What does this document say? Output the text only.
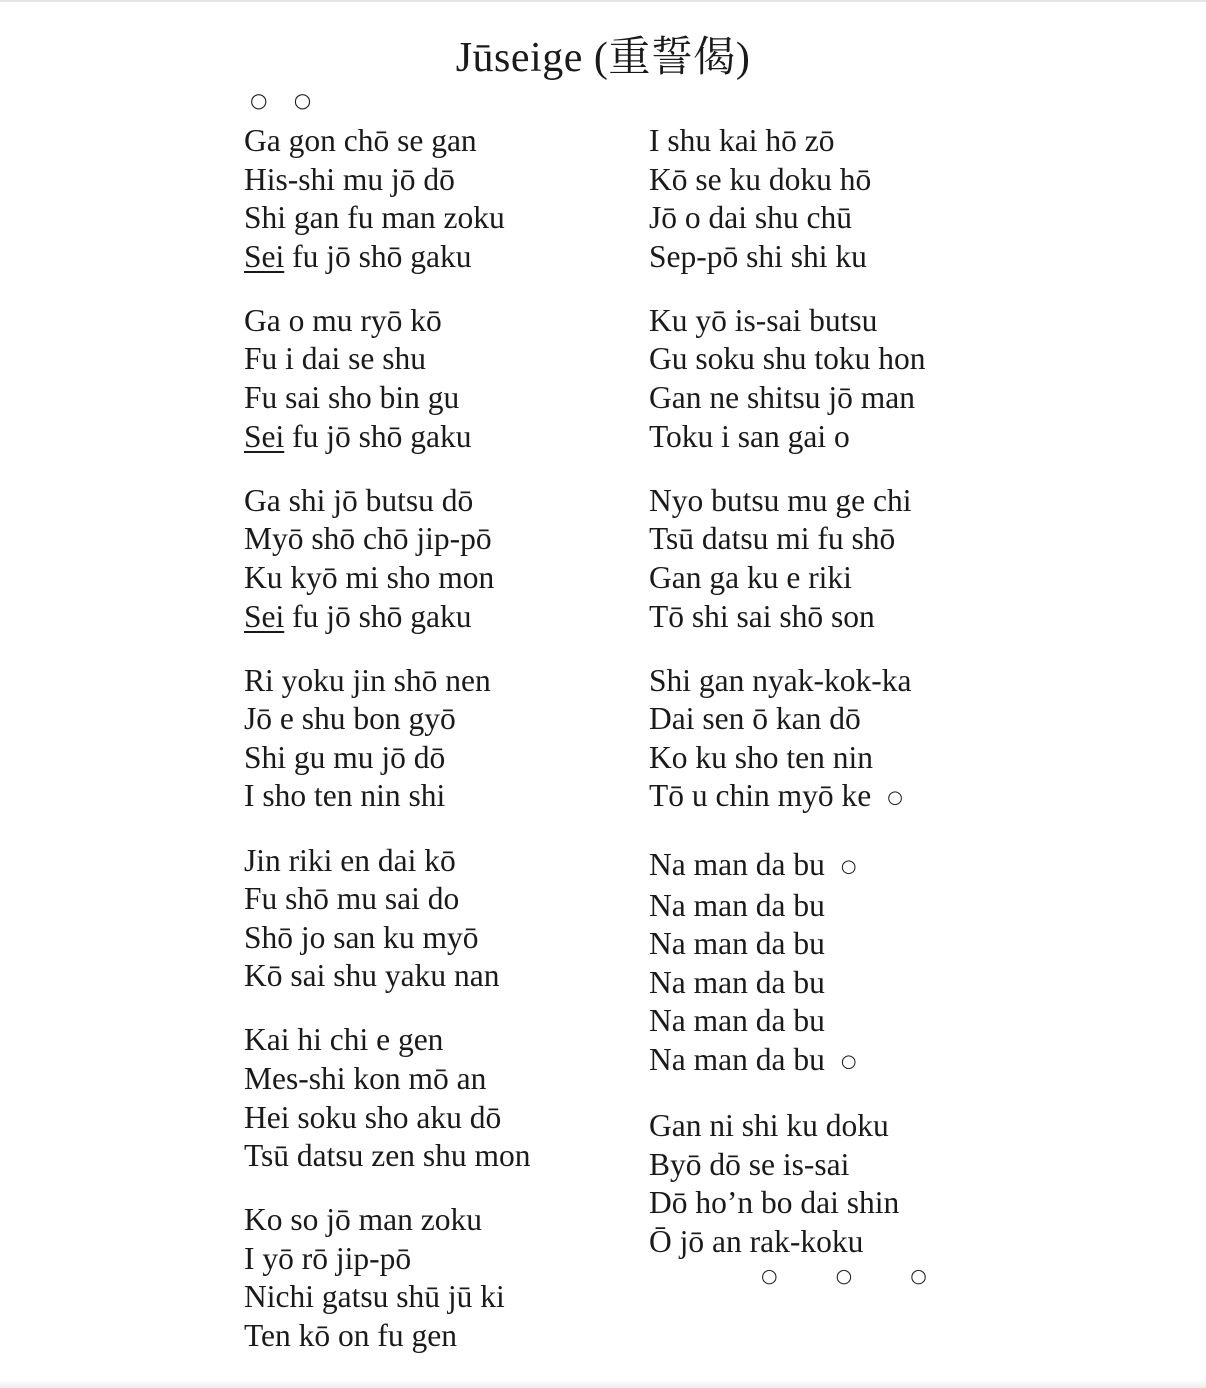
Jūseige (重誓偈)
○ ○
Ga gon chō se gan
His-shi mu jō dō
Shi gan fu man zoku
Sei fu jō shō gaku
Ga o mu ryō kō
Fu i dai se shu
Fu sai sho bin gu
Sei fu jō shō gaku
Ga shi jō butsu dō
Myō shō chō jip-pō
Ku kyō mi sho mon
Sei fu jō shō gaku
Ri yoku jin shō nen
Jō e shu bon gyō
Shi gu mu jō dō
I sho ten nin shi
Jin riki en dai kō
Fu shō mu sai do
Shō jo san ku myō
Kō sai shu yaku nan
Kai hi chi e gen
Mes-shi kon mō an
Hei soku sho aku dō
Tsū datsu zen shu mon
Ko so jō man zoku
I yō rō jip-pō
Nichi gatsu shū jū ki
Ten kō on fu gen
I shu kai hō zō
Kō se ku doku hō
Jō o dai shu chū
Sep-pō shi shi ku
Ku yō is-sai butsu
Gu soku shu toku hon
Gan ne shitsu jō man
Toku i san gai o
Nyo butsu mu ge chi
Tsū datsu mi fu shō
Gan ga ku e riki
Tō shi sai shō son
Shi gan nyak-kok-ka
Dai sen ō kan dō
Ko ku sho ten nin
Tō u chin myō ke ○
Na man da bu ○
Na man da bu
Na man da bu
Na man da bu
Na man da bu
Na man da bu ○
Gan ni shi ku doku
Byō dō se is-sai
Dō ho’n bo dai shin
Ō jō an rak-koku
○ ○ ○
